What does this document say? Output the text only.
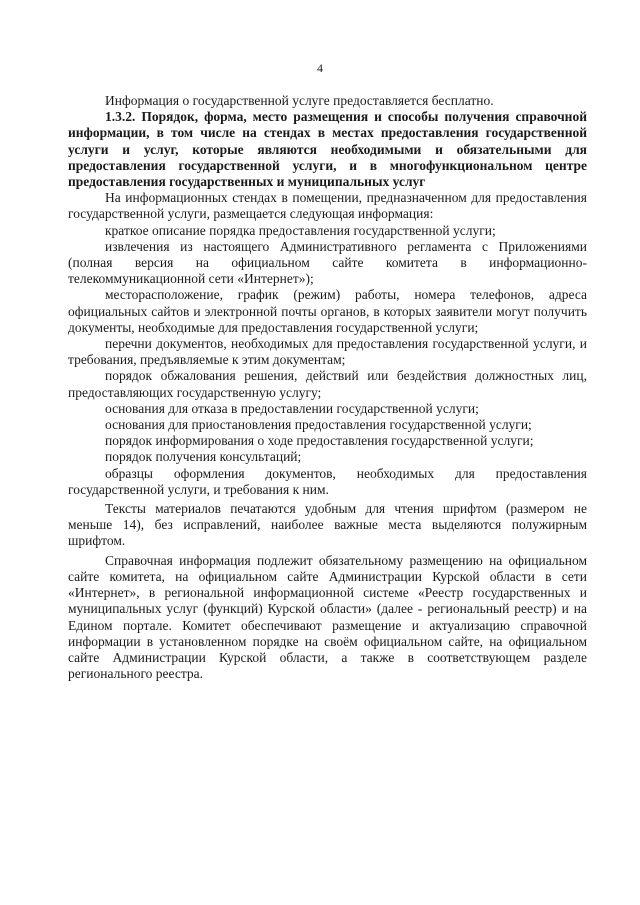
4

Информация о государственной услуге предоставляется бесплатно.

1.3.2. Порядок, форма, место размещения и способы получения справочной информации, в том числе на стендах в местах предоставления государственной услуги и услуг, которые являются необходимыми и обязательными для предоставления государственной услуги, и в многофункциональном центре предоставления государственных и муниципальных услуг

На информационных стендах в помещении, предназначенном для предоставления государственной услуги, размещается следующая информация:

краткое описание порядка предоставления государственной услуги;

извлечения из настоящего Административного регламента с Приложениями (полная версия на официальном сайте комитета в информационно-телекоммуникационной сети «Интернет»);

месторасположение, график (режим) работы, номера телефонов, адреса официальных сайтов и электронной почты органов, в которых заявители могут получить документы, необходимые для предоставления государственной услуги;

перечни документов, необходимых для предоставления государственной услуги, и требования, предъявляемые к этим документам;

порядок обжалования решения, действий или бездействия должностных лиц, предоставляющих государственную услугу;

основания для отказа в предоставлении государственной услуги;

основания для приостановления предоставления государственной услуги;

порядок информирования о ходе предоставления государственной услуги;

порядок получения консультаций;

образцы оформления документов, необходимых для предоставления государственной услуги, и требования к ним.

Тексты материалов печатаются удобным для чтения шрифтом (размером не меньше 14), без исправлений, наиболее важные места выделяются полужирным шрифтом.

Справочная информация подлежит обязательному размещению на официальном сайте комитета, на официальном сайте Администрации Курской области в сети «Интернет», в региональной информационной системе «Реестр государственных и муниципальных услуг (функций) Курской области» (далее - региональный реестр) и на Едином портале. Комитет обеспечивают размещение и актуализацию справочной информации в установленном порядке на своём официальном сайте, на официальном сайте Администрации Курской области, а также в соответствующем разделе регионального реестра.
